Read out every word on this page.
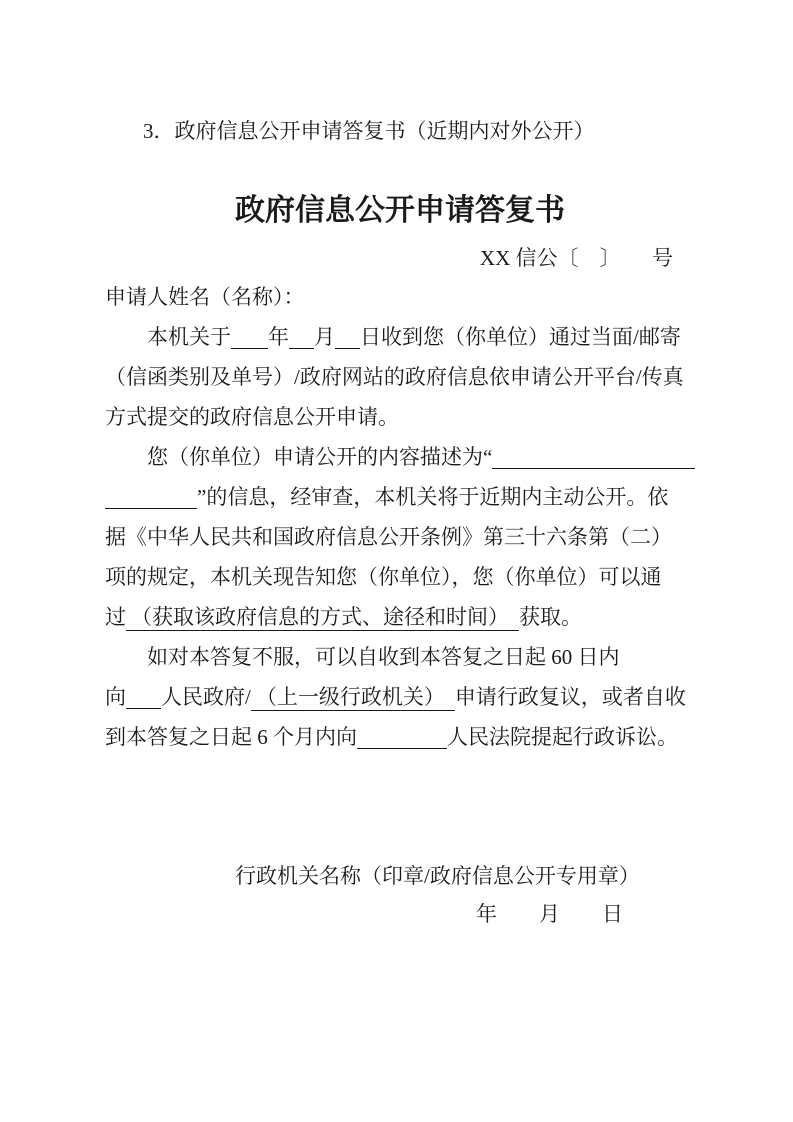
3．政府信息公开申请答复书（近期内对外公开）
政府信息公开申请答复书
XX 信公〔　〕　　号
申请人姓名（名称）：
本机关于 年 月 日收到您（你单位）通过当面/邮寄
（信函类别及单号）/政府网站的政府信息依申请公开平台/传真
方式提交的政府信息公开申请。
您（你单位）申请公开的内容描述为“
”的信息，经审查，本机关将于近期内主动公开。依
据《中华人民共和国政府信息公开条例》第三十六条第（二）
项的规定，本机关现告知您（你单位），您（你单位）可以通
过 （获取该政府信息的方式、途径和时间） 获取。
如对本答复不服，可以自收到本答复之日起 60 日内
向 人民政府/ （上一级行政机关） 申请行政复议，或者自收
到本答复之日起 6 个月内向	人民法院提起行政诉讼。
行政机关名称（印章/政府信息公开专用章）
年　　月　　日
